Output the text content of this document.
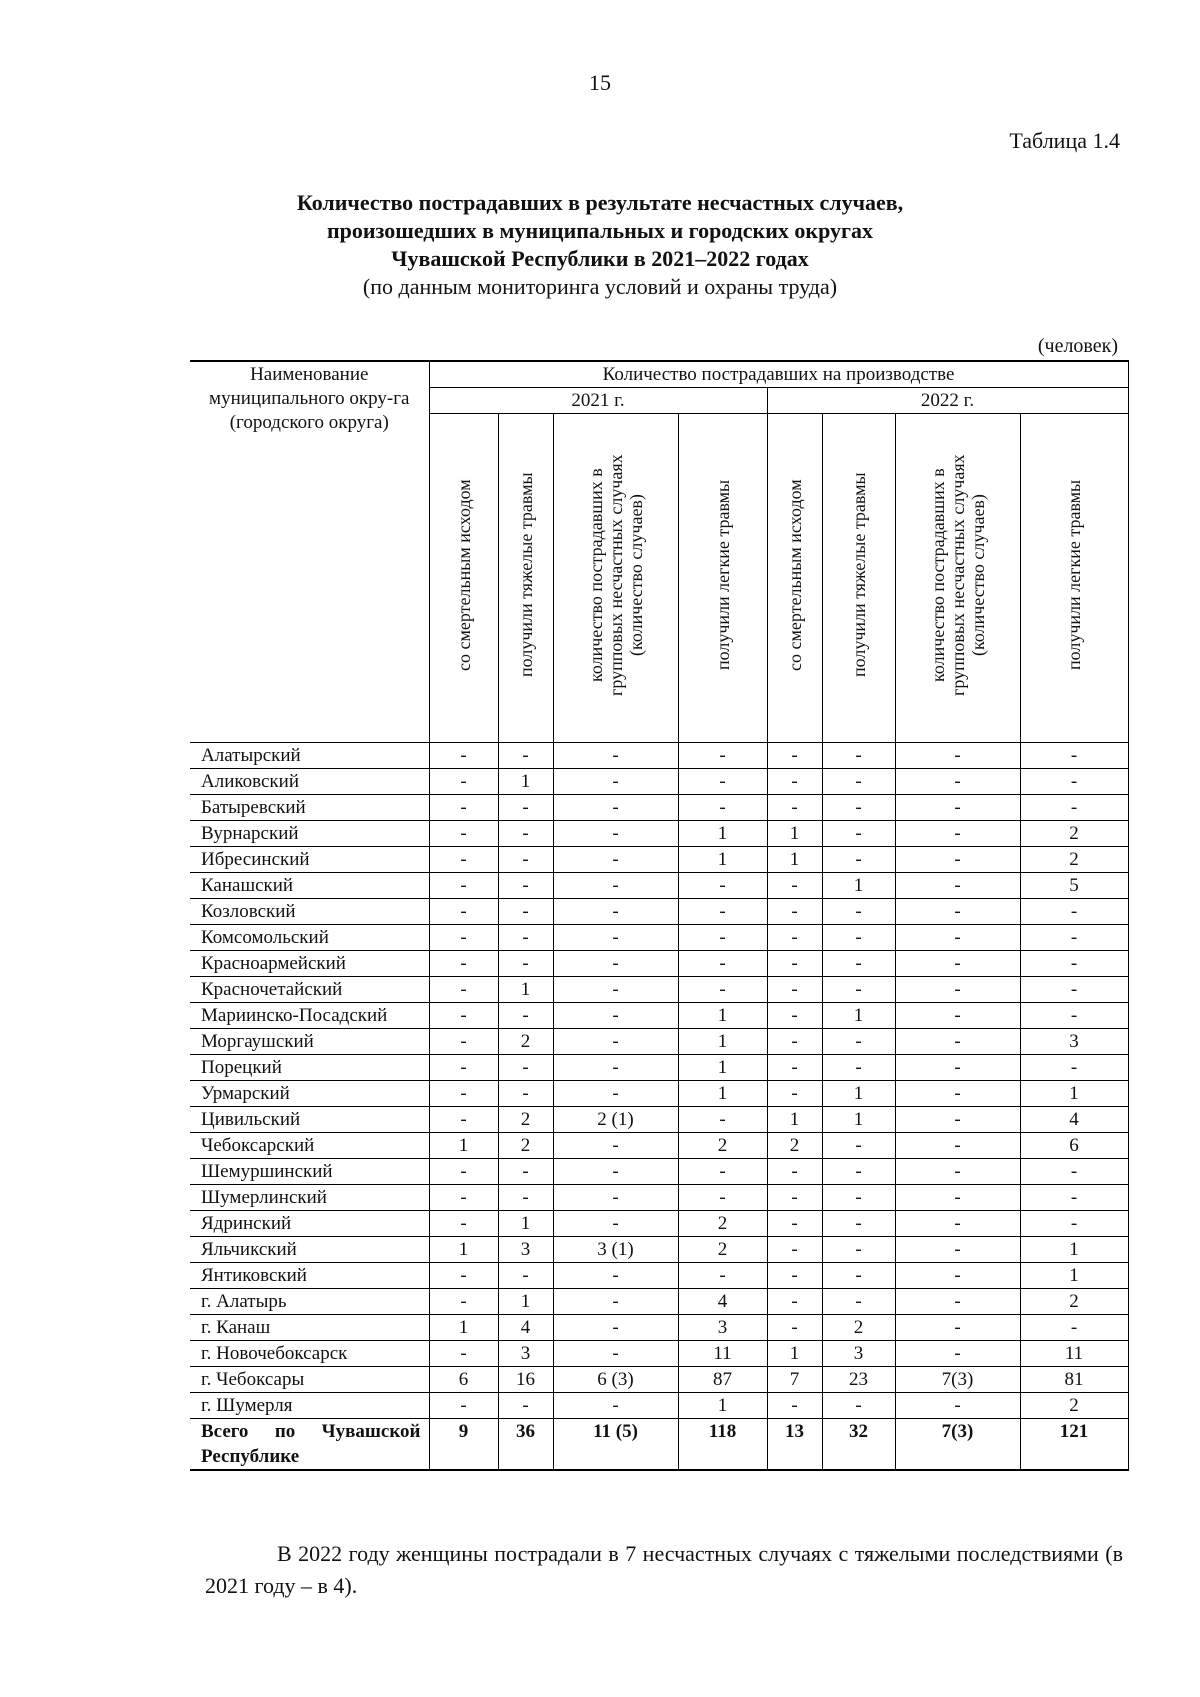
15
Таблица 1.4
Количество пострадавших в результате несчастных случаев,
произошедших в муниципальных и городских округах
Чувашской Республики в 2021–2022 годах
(по данным мониторинга условий и охраны труда)
(человек)
Наименование муниципального окру-га (городского округа)	Количество пострадавших на производстве							
	2021 г.				2022 г.			
	со смертельным исходом	получили тяжелые травмы	количество пострадавших в групповых несчастных случаях (количество случаев)	получили легкие травмы	со смертельным исходом	получили тяжелые травмы	количество пострадавших в групповых несчастных случаях (количество случаев)	получили легкие травмы
Алатырский	-	-	-	-	-	-	-	-
Аликовский	-	1	-	-	-	-	-	-
Батыревский	-	-	-	-	-	-	-	-
Вурнарский	-	-	-	1	1	-	-	2
Ибресинский	-	-	-	1	1	-	-	2
Канашский	-	-	-	-	-	1	-	5
Козловский	-	-	-	-	-	-	-	-
Комсомольский	-	-	-	-	-	-	-	-
Красноармейский	-	-	-	-	-	-	-	-
Красночетайский	-	1	-	-	-	-	-	-
Мариинско-Посадский	-	-	-	1	-	1	-	-
Моргаушский	-	2	-	1	-	-	-	3
Порецкий	-	-	-	1	-	-	-	-
Урмарский	-	-	-	1	-	1	-	1
Цивильский	-	2	2 (1)	-	1	1	-	4
Чебоксарский	1	2	-	2	2	-	-	6
Шемуршинский	-	-	-	-	-	-	-	-
Шумерлинский	-	-	-	-	-	-	-	-
Ядринский	-	1	-	2	-	-	-	-
Яльчикский	1	3	3 (1)	2	-	-	-	1
Янтиковский	-	-	-	-	-	-	-	1
г. Алатырь	-	1	-	4	-	-	-	2
г. Канаш	1	4	-	3	-	2	-	-
г. Новочебоксарск	-	3	-	11	1	3	-	11
г. Чебоксары	6	16	6 (3)	87	7	23	7(3)	81
г. Шумерля	-	-	-	1	-	-	-	2

Всего по Чувашской
Республике	9	36	11 (5)	118	13	32	7(3)	121
В 2022 году женщины пострадали в 7 несчастных случаях с тяжелыми последствиями (в 2021 году – в 4).
